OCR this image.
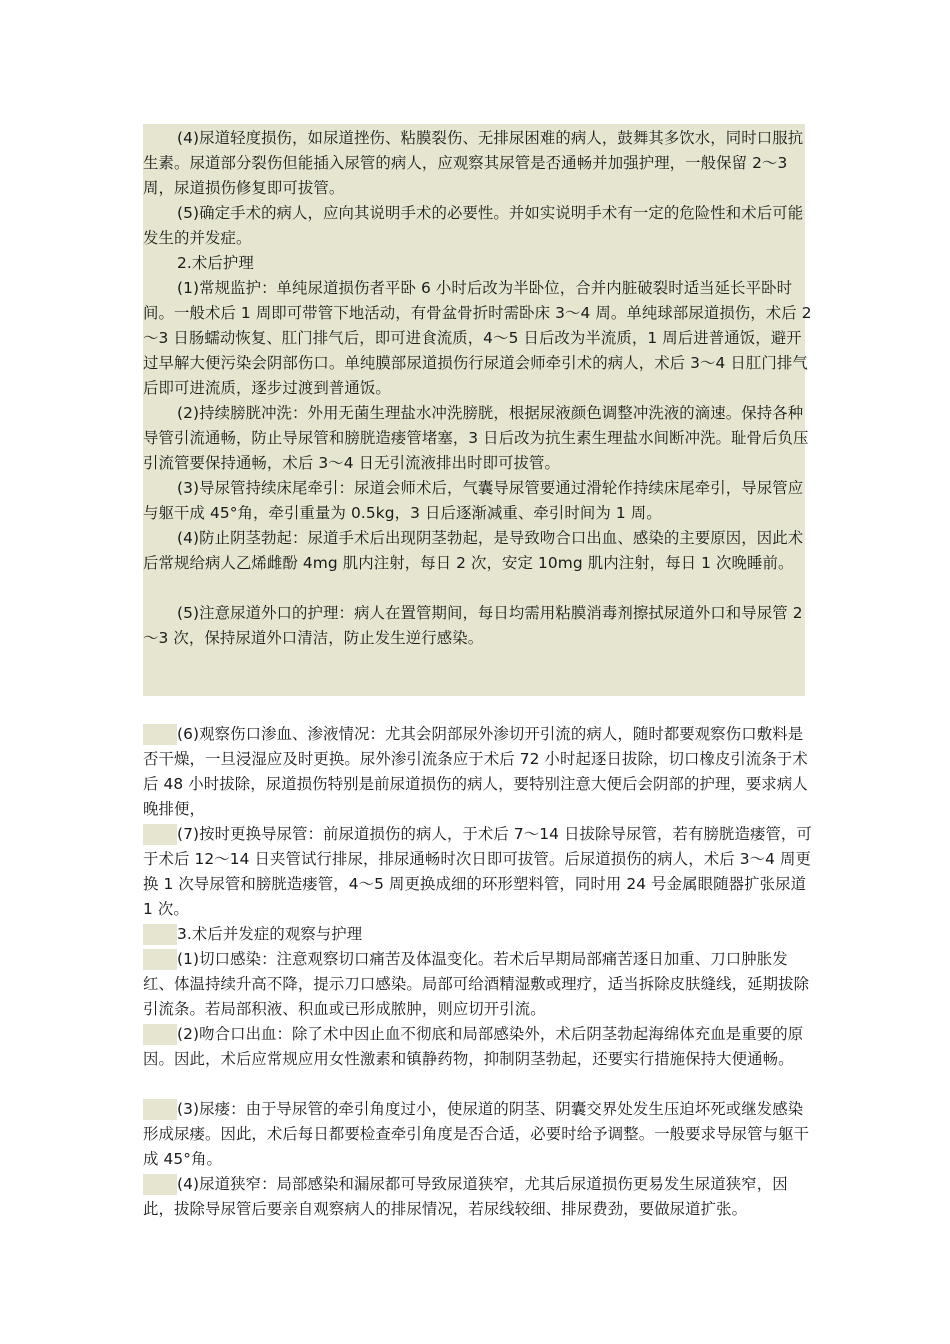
(4)尿道轻度损伤，如尿道挫伤、粘膜裂伤、无排尿困难的病人，鼓舞其多饮水，同时口服抗生素。尿道部分裂伤但能插入尿管的病人，应观察其尿管是否通畅并加强护理，一般保留 2～3 周，尿道损伤修复即可拔管。

(5)确定手术的病人，应向其说明手术的必要性。并如实说明手术有一定的危险性和术后可能发生的并发症。

2.术后护理

(1)常规监护：单纯尿道损伤者平卧 6 小时后改为半卧位，合并内脏破裂时适当延长平卧时间。一般术后 1 周即可带管下地活动，有骨盆骨折时需卧床 3～4 周。单纯球部尿道损伤，术后 2～3 日肠蠕动恢复、肛门排气后，即可进食流质，4～5 日后改为半流质，1 周后进普通饭，避开过早解大便污染会阴部伤口。单纯膜部尿道损伤行尿道会师牵引术的病人，术后 3～4 日肛门排气后即可进流质，逐步过渡到普通饭。

(2)持续膀胱冲洗：外用无菌生理盐水冲洗膀胱，根据尿液颜色调整冲洗液的滴速。保持各种导管引流通畅，防止导尿管和膀胱造瘘管堵塞，3 日后改为抗生素生理盐水间断冲洗。耻骨后负压引流管要保持通畅，术后 3～4 日无引流液排出时即可拔管。

(3)导尿管持续床尾牵引：尿道会师术后，气囊导尿管要通过滑轮作持续床尾牵引，导尿管应与躯干成 45°角，牵引重量为 0.5kg，3 日后逐渐减重、牵引时间为 1 周。

(4)防止阴茎勃起：尿道手术后出现阴茎勃起，是导致吻合口出血、感染的主要原因，因此术后常规给病人乙烯雌酚 4mg 肌内注射，每日 2 次，安定 10mg 肌内注射，每日 1 次晚睡前。

(5)注意尿道外口的护理：病人在置管期间，每日均需用粘膜消毒剂擦拭尿道外口和导尿管 2～3 次，保持尿道外口清洁，防止发生逆行感染。

(6)观察伤口渗血、渗液情况：尤其会阴部尿外渗切开引流的病人，随时都要观察伤口敷料是否干燥，一旦浸湿应及时更换。尿外渗引流条应于术后 72 小时起逐日拔除，切口橡皮引流条于术后 48 小时拔除，尿道损伤特别是前尿道损伤的病人，要特别注意大便后会阴部的护理，要求病人晚排便，

(7)按时更换导尿管：前尿道损伤的病人，于术后 7～14 日拔除导尿管，若有膀胱造瘘管，可于术后 12～14 日夹管试行排尿，排尿通畅时次日即可拔管。后尿道损伤的病人，术后 3～4 周更换 1 次导尿管和膀胱造瘘管，4～5 周更换成细的环形塑料管，同时用 24 号金属眼随器扩张尿道 1 次。

3.术后并发症的观察与护理

(1)切口感染：注意观察切口痛苦及体温变化。若术后早期局部痛苦逐日加重、刀口肿胀发红、体温持续升高不降，提示刀口感染。局部可给酒精湿敷或理疗，适当拆除皮肤缝线，延期拔除引流条。若局部积液、积血或已形成脓肿，则应切开引流。

(2)吻合口出血：除了术中因止血不彻底和局部感染外，术后阴茎勃起海绵体充血是重要的原因。因此，术后应常规应用女性激素和镇静药物，抑制阴茎勃起，还要实行措施保持大便通畅。

(3)尿瘘：由于导尿管的牵引角度过小，使尿道的阴茎、阴囊交界处发生压迫坏死或继发感染形成尿瘘。因此，术后每日都要检查牵引角度是否合适，必要时给予调整。一般要求导尿管与躯干成 45°角。

(4)尿道狭窄：局部感染和漏尿都可导致尿道狭窄，尤其后尿道损伤更易发生尿道狭窄，因此，拔除导尿管后要亲自观察病人的排尿情况，若尿线较细、排尿费劲，要做尿道扩张。
